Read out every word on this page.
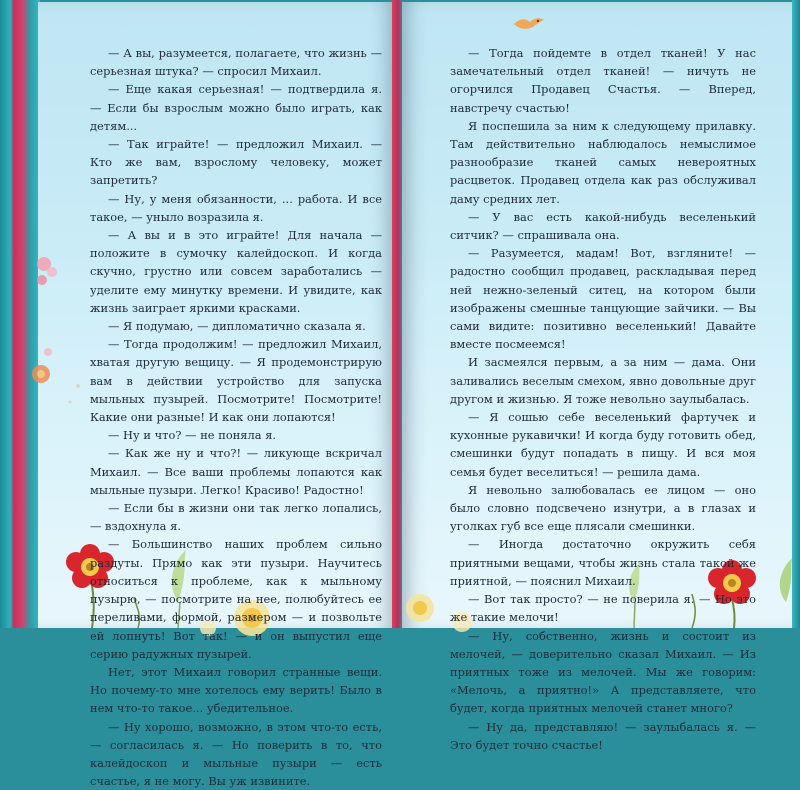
— А вы, разумеется, полагаете, что жизнь — серьезная штука? — спросил Михаил.

— Еще какая серьезная! — подтвердила я. — Если бы взрослым можно было играть, как детям...

— Так играйте! — предложил Михаил. — Кто же вам, взрослому человеку, может запретить?

— Ну, у меня обязанности, ... работа. И все такое, — уныло возразила я.

— А вы и в это играйте! Для начала — положите в сумочку калейдоскоп. И когда скучно, грустно или совсем заработались — уделите ему минутку времени. И увидите, как жизнь заиграет яркими красками.

— Я подумаю, — дипломатично сказала я.

— Тогда продолжим! — предложил Михаил, хватая другую вещицу. — Я продемонстрирую вам в действии устройство для запуска мыльных пузырей. Посмотрите! Посмотрите! Какие они разные! И как они лопаются!

— Ну и что? — не поняла я.

— Как же ну и что?! — ликующе вскричал Михаил. — Все ваши проблемы лопаются как мыльные пузыри. Легко! Красиво! Радостно!

— Если бы в жизни они так легко лопались, — вздохнула я.

— Большинство наших проблем сильно раздуты. Прямо как эти пузыри. Научитесь относиться к проблеме, как к мыльному пузырю, — посмотрите на нее, полюбуйтесь ее переливами, формой, размером — и позвольте ей лопнуть! Вот так! — и он выпустил еще серию радужных пузырей.

Нет, этот Михаил говорил странные вещи. Но почему-то мне хотелось ему верить! Было в нем что-то такое... убедительное.

— Ну хорошо, возможно, в этом что-то есть, — согласилась я. — Но поверить в то, что калейдоскоп и мыльные пузыри — есть счастье, я не могу. Вы уж извините.

— Тогда пойдемте в отдел тканей! У нас замечательный отдел тканей! — ничуть не огорчился Продавец Счастья. — Вперед, навстречу счастью!

Я поспешила за ним к следующему прилавку. Там действительно наблюдалось немыслимое разнообразие тканей самых невероятных расцветок. Продавец отдела как раз обслуживал даму средних лет.

— У вас есть какой-нибудь веселенький ситчик? — спрашивала она.

— Разумеется, мадам! Вот, взгляните! — радостно сообщил продавец, раскладывая перед ней нежно-зеленый ситец, на котором были изображены смешные танцующие зайчики. — Вы сами видите: позитивно веселенький! Давайте вместе посмеемся!

И засмеялся первым, а за ним — дама. Они заливались веселым смехом, явно довольные друг другом и жизнью. Я тоже невольно заулыбалась.

— Я сошью себе веселенький фартучек и кухонные рукавички! И когда буду готовить обед, смешинки будут попадать в пищу. И вся моя семья будет веселиться! — решила дама.

Я невольно залюбовалась ее лицом — оно было словно подсвечено изнутри, а в глазах и уголках губ все еще плясали смешинки.

— Иногда достаточно окружить себя приятными вещами, чтобы жизнь стала такой же приятной, — пояснил Михаил.

— Вот так просто? — не поверила я. — Но это же такие мелочи!

— Ну, собственно, жизнь и состоит из мелочей, — доверительно сказал Михаил. — Из приятных тоже из мелочей. Мы же говорим: «Мелочь, а приятно!» А представляете, что будет, когда приятных мелочей станет много?

— Ну да, представляю! — заулыбалась я. — Это будет точно счастье!
